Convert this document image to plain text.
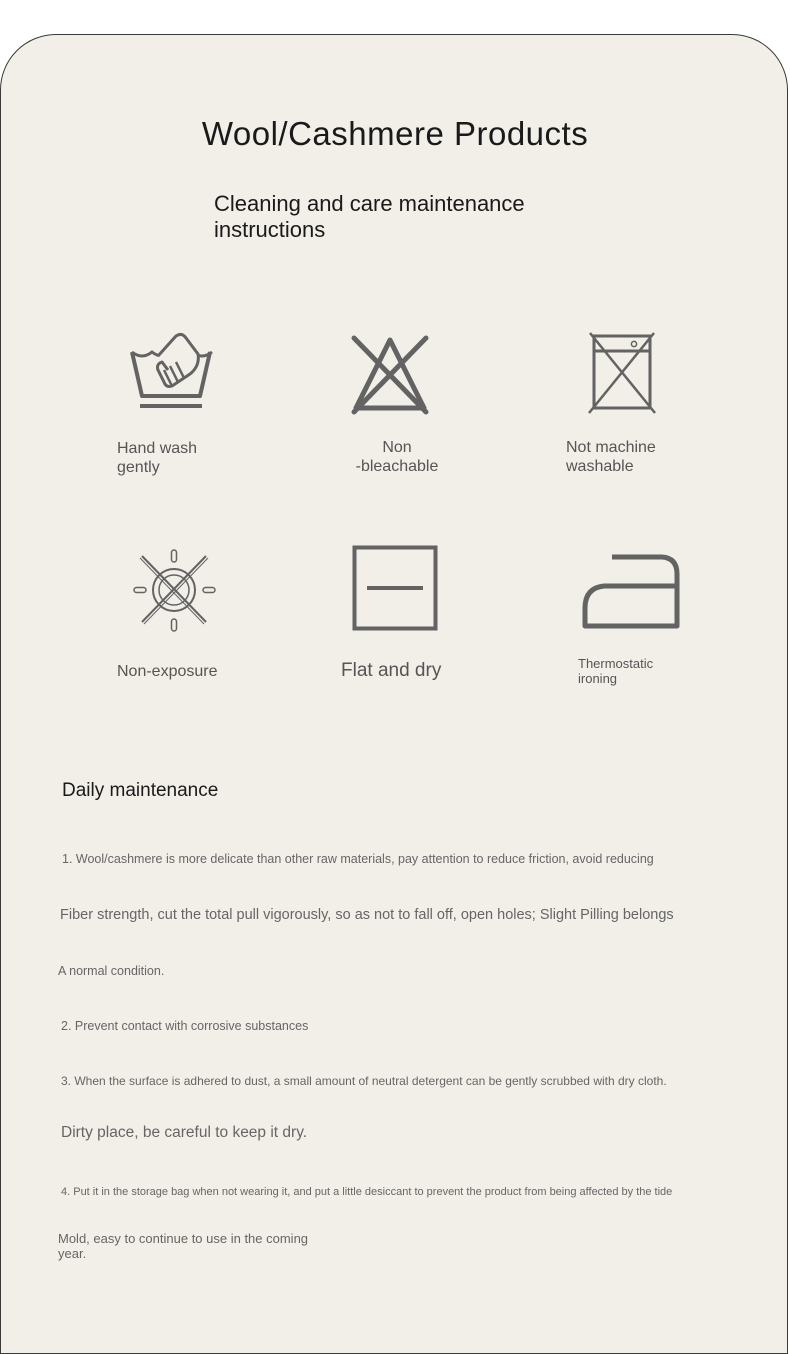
Wool/Cashmere Products
Cleaning and care maintenance instructions
Hand wash
gently
Non
-bleachable
Not machine
washable
Non-exposure	Flat and dry	Thermostatic
ironing
Daily maintenance

1. Wool/cashmere is more delicate than other raw materials, pay attention to reduce friction, avoid reducing

Fiber strength, cut the total pull vigorously, so as not to fall off, open holes; Slight Pilling belongs

A normal condition.

2. Prevent contact with corrosive substances

3. When the surface is adhered to dust, a small amount of neutral detergent can be gently scrubbed with dry cloth.

Dirty place, be careful to keep it dry.

4. Put it in the storage bag when not wearing it, and put a little desiccant to prevent the product from being affected by the tide

Mold, easy to continue to use in the coming
year.
